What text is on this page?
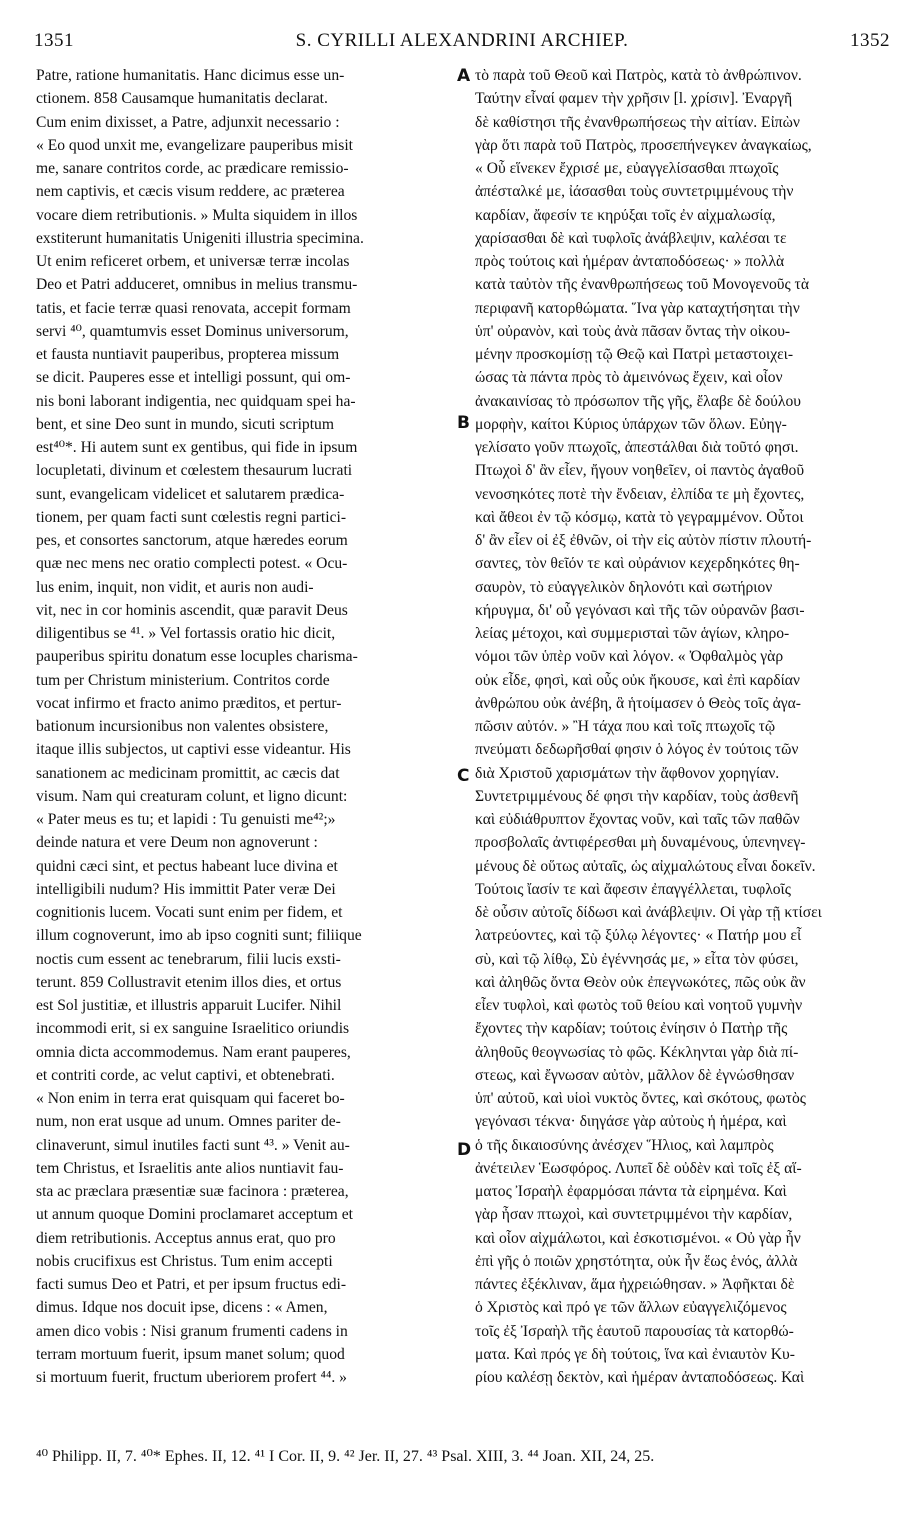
1351	S. CYRILLI ALEXANDRINI ARCHIEP.	1352
Patre, ratione humanitatis. Hanc dicimus esse un-
ctionem. 858 Causamque humanitatis declarat.
Cum enim dixisset, a Patre, adjunxit necessario :
« Eo quod unxit me, evangelizare pauperibus misit
me, sanare contritos corde, ac prædicare remissio-
nem captivis, et cæcis visum reddere, ac præterea
vocare diem retributionis. » Multa siquidem in illos
exstiterunt humanitatis Unigeniti illustria specimina.
Ut enim reficeret orbem, et universæ terræ incolas
Deo et Patri adduceret, omnibus in melius transmu-
tatis, et facie terræ quasi renovata, accepit formam
servi ⁴⁰, quamtumvis esset Dominus universorum,
et fausta nuntiavit pauperibus, propterea missum
se dicit. Pauperes esse et intelligi possunt, qui om-
nis boni laborant indigentia, nec quidquam spei ha-
bent, et sine Deo sunt in mundo, sicuti scriptum
est⁴⁰*. Hi autem sunt ex gentibus, qui fide in ipsum
locupletati, divinum et cœlestem thesaurum lucrati
sunt, evangelicam videlicet et salutarem prædica-
tionem, per quam facti sunt cœlestis regni partici-
pes, et consortes sanctorum, atque hæredes eorum
quæ nec mens nec oratio complecti potest. « Ocu-
lus enim, inquit, non vidit, et auris non audi-
vit, nec in cor hominis ascendit, quæ paravit Deus
diligentibus se ⁴¹. » Vel fortassis oratio hic dicit,
pauperibus spiritu donatum esse locuples charisma-
tum per Christum ministerium. Contritos corde
vocat infirmo et fracto animo præditos, et pertur-
bationum incursionibus non valentes obsistere,
itaque illis subjectos, ut captivi esse videantur. His
sanationem ac medicinam promittit, ac cæcis dat
visum. Nam qui creaturam colunt, et ligno dicunt:
« Pater meus es tu; et lapidi : Tu genuisti me⁴²;»
deinde natura et vere Deum non agnoverunt :
quidni cæci sint, et pectus habeant luce divina et
intelligibili nudum? His immittit Pater veræ Dei
cognitionis lucem. Vocati sunt enim per fidem, et
illum cognoverunt, imo ab ipso cogniti sunt; filiique
noctis cum essent ac tenebrarum, filii lucis exsti-
terunt. 859 Collustravit etenim illos dies, et ortus
est Sol justitiæ, et illustris apparuit Lucifer. Nihil
incommodi erit, si ex sanguine Israelitico oriundis
omnia dicta accommodemus. Nam erant pauperes,
et contriti corde, ac velut captivi, et obtenebrati.
« Non enim in terra erat quisquam qui faceret bo-
num, non erat usque ad unum. Omnes pariter de-
clinaverunt, simul inutiles facti sunt ⁴³. » Venit au-
tem Christus, et Israelitis ante alios nuntiavit fau-
sta ac præclara præsentiæ suæ facinora : præterea,
ut annum quoque Domini proclamaret acceptum et
diem retributionis. Acceptus annus erat, quo pro
nobis crucifixus est Christus. Tum enim accepti
facti sumus Deo et Patri, et per ipsum fructus edi-
dimus. Idque nos docuit ipse, dicens : « Amen,
amen dico vobis : Nisi granum frumenti cadens in
terram mortuum fuerit, ipsum manet solum; quod
si mortuum fuerit, fructum uberiorem profert ⁴⁴. »
τὸ παρὰ τοῦ Θεοῦ καὶ Πατρὸς, κατὰ τὸ ἀνθρώπινον.
Ταύτην εἶναί φαμεν τὴν χρῆσιν [l. χρίσιν]. Ἐναργῆ
δὲ καθίστησι τῆς ἐνανθρωπήσεως τὴν αἰτίαν. Εἰπὼν
γὰρ ὅτι παρὰ τοῦ Πατρὸς, προσεπήνεγκεν ἀναγκαίως,
« Οὗ εἵνεκεν ἔχρισέ με, εὐαγγελίσασθαι πτωχοῖς
ἀπέσταλκέ με, ἰάσασθαι τοὺς συντετριμμένους τὴν
καρδίαν, ἄφεσίν τε κηρύξαι τοῖς ἐν αἰχμαλωσίᾳ,
χαρίσασθαι δὲ καὶ τυφλοῖς ἀνάβλεψιν, καλέσαι τε
πρὸς τούτοις καὶ ἡμέραν ἀνταποδόσεως· » πολλὰ
κατὰ ταὐτὸν τῆς ἐνανθρωπήσεως τοῦ Μονογενοῦς τὰ
περιφανῆ κατορθώματα. Ἵνα γὰρ καταχτήσηται τὴν
ὑπ' οὐρανὸν, καὶ τοὺς ἀνὰ πᾶσαν ὄντας τὴν οἰκου-
μένην προσκομίσῃ τῷ Θεῷ καὶ Πατρὶ μεταστοιχει-
ώσας τὰ πάντα πρὸς τὸ ἀμεινόνως ἔχειν, καὶ οἷον
ἀνακαινίσας τὸ πρόσωπον τῆς γῆς, ἔλαβε δὲ δούλου
μορφὴν, καίτοι Κύριος ὑπάρχων τῶν ὅλων. Εὐηγ-
γελίσατο γοῦν πτωχοῖς, ἀπεστάλθαι διὰ τοῦτό φησι.
Πτωχοὶ δ' ἂν εἶεν, ἤγουν νοηθεῖεν, οἱ παντὸς ἀγαθοῦ
νενοσηκότες ποτὲ τὴν ἔνδειαν, ἐλπίδα τε μὴ ἔχοντες,
καὶ ἄθεοι ἐν τῷ κόσμῳ, κατὰ τὸ γεγραμμένον. Οὗτοι
δ' ἂν εἶεν οἱ ἐξ ἐθνῶν, οἱ τὴν εἰς αὐτὸν πίστιν πλουτή-
σαντες, τὸν θεῖόν τε καὶ οὐράνιον κεχερδηκότες θη-
σαυρὸν, τὸ εὐαγγελικὸν δηλονότι καὶ σωτήριον
κήρυγμα, δι' οὗ γεγόνασι καὶ τῆς τῶν οὐρανῶν βασι-
λείας μέτοχοι, καὶ συμμερισταὶ τῶν ἁγίων, κληρο-
νόμοι τῶν ὑπὲρ νοῦν καὶ λόγον. « Ὀφθαλμὸς γὰρ
οὐκ εἶδε, φησὶ, καὶ οὖς οὐκ ἤκουσε, καὶ ἐπὶ καρδίαν
ἀνθρώπου οὐκ ἀνέβη, ἃ ἡτοίμασεν ὁ Θεὸς τοῖς ἀγα-
πῶσιν αὐτόν. » Ἢ τάχα που καὶ τοῖς πτωχοῖς τῷ
πνεύματι δεδωρῆσθαί φησιν ὁ λόγος ἐν τούτοις τῶν
διὰ Χριστοῦ χαρισμάτων τὴν ἄφθονον χορηγίαν.
Συντετριμμένους δέ φησι τὴν καρδίαν, τοὺς ἀσθενῆ
καὶ εὐδιάθρυπτον ἔχοντας νοῦν, καὶ ταῖς τῶν παθῶν
προσβολαῖς ἀντιφέρεσθαι μὴ δυναμένους, ὑπενηνεγ-
μένους δὲ οὕτως αὐταῖς, ὡς αἰχμαλώτους εἶναι δοκεῖν.
Τούτοις ἴασίν τε καὶ ἄφεσιν ἐπαγγέλλεται, τυφλοῖς
δὲ οὖσιν αὐτοῖς δίδωσι καὶ ἀνάβλεψιν. Οἱ γὰρ τῇ κτίσει
λατρεύοντες, καὶ τῷ ξύλῳ λέγοντες· « Πατήρ μου εἶ
σὺ, καὶ τῷ λίθῳ, Σὺ ἐγέννησάς με, » εἶτα τὸν φύσει,
καὶ ἀληθῶς ὄντα Θεὸν οὐκ ἐπεγνωκότες, πῶς οὐκ ἂν
εἶεν τυφλοὶ, καὶ φωτὸς τοῦ θείου καὶ νοητοῦ γυμνὴν
ἔχοντες τὴν καρδίαν; τούτοις ἐνίησιν ὁ Πατὴρ τῆς
ἀληθοῦς θεογνωσίας τὸ φῶς. Κέκληνται γὰρ διὰ πί-
στεως, καὶ ἔγνωσαν αὐτὸν, μᾶλλον δὲ ἐγνώσθησαν
ὑπ' αὐτοῦ, καὶ υἱοὶ νυκτὸς ὄντες, καὶ σκότους, φωτὸς
γεγόνασι τέκνα· διηγάσε γὰρ αὐτοὺς ἡ ἡμέρα, καὶ
ὁ τῆς δικαιοσύνης ἀνέσχεν Ἥλιος, καὶ λαμπρὸς
ἀνέτειλεν Ἑωσφόρος. Λυπεῖ δὲ οὐδὲν καὶ τοῖς ἐξ αἵ-
ματος Ἰσραὴλ ἐφαρμόσαι πάντα τὰ εἰρημένα. Καὶ
γὰρ ἦσαν πτωχοὶ, καὶ συντετριμμένοι τὴν καρδίαν,
καὶ οἷον αἰχμάλωτοι, καὶ ἐσκοτισμένοι. « Οὐ γὰρ ἦν
ἐπὶ γῆς ὁ ποιῶν χρηστότητα, οὐκ ἦν ἕως ἑνός, ἀλλὰ
πάντες ἐξέκλιναν, ἅμα ἠχρειώθησαν. » Ἀφῆκται δὲ
ὁ Χριστὸς καὶ πρό γε τῶν ἄλλων εὐαγγελιζόμενος
τοῖς ἐξ Ἰσραὴλ τῆς ἑαυτοῦ παρουσίας τὰ κατορθώ-
ματα. Καὶ πρός γε δὴ τούτοις, ἵνα καὶ ἐνιαυτὸν Κυ-
ρίου καλέσῃ δεκτὸν, καὶ ἡμέραν ἀνταποδόσεως. Καὶ
A
B
C
D
⁴⁰ Philipp. II, 7. ⁴⁰* Ephes. II, 12. ⁴¹ I Cor. II, 9. ⁴² Jer. II, 27. ⁴³ Psal. XIII, 3. ⁴⁴ Joan. XII, 24, 25.
